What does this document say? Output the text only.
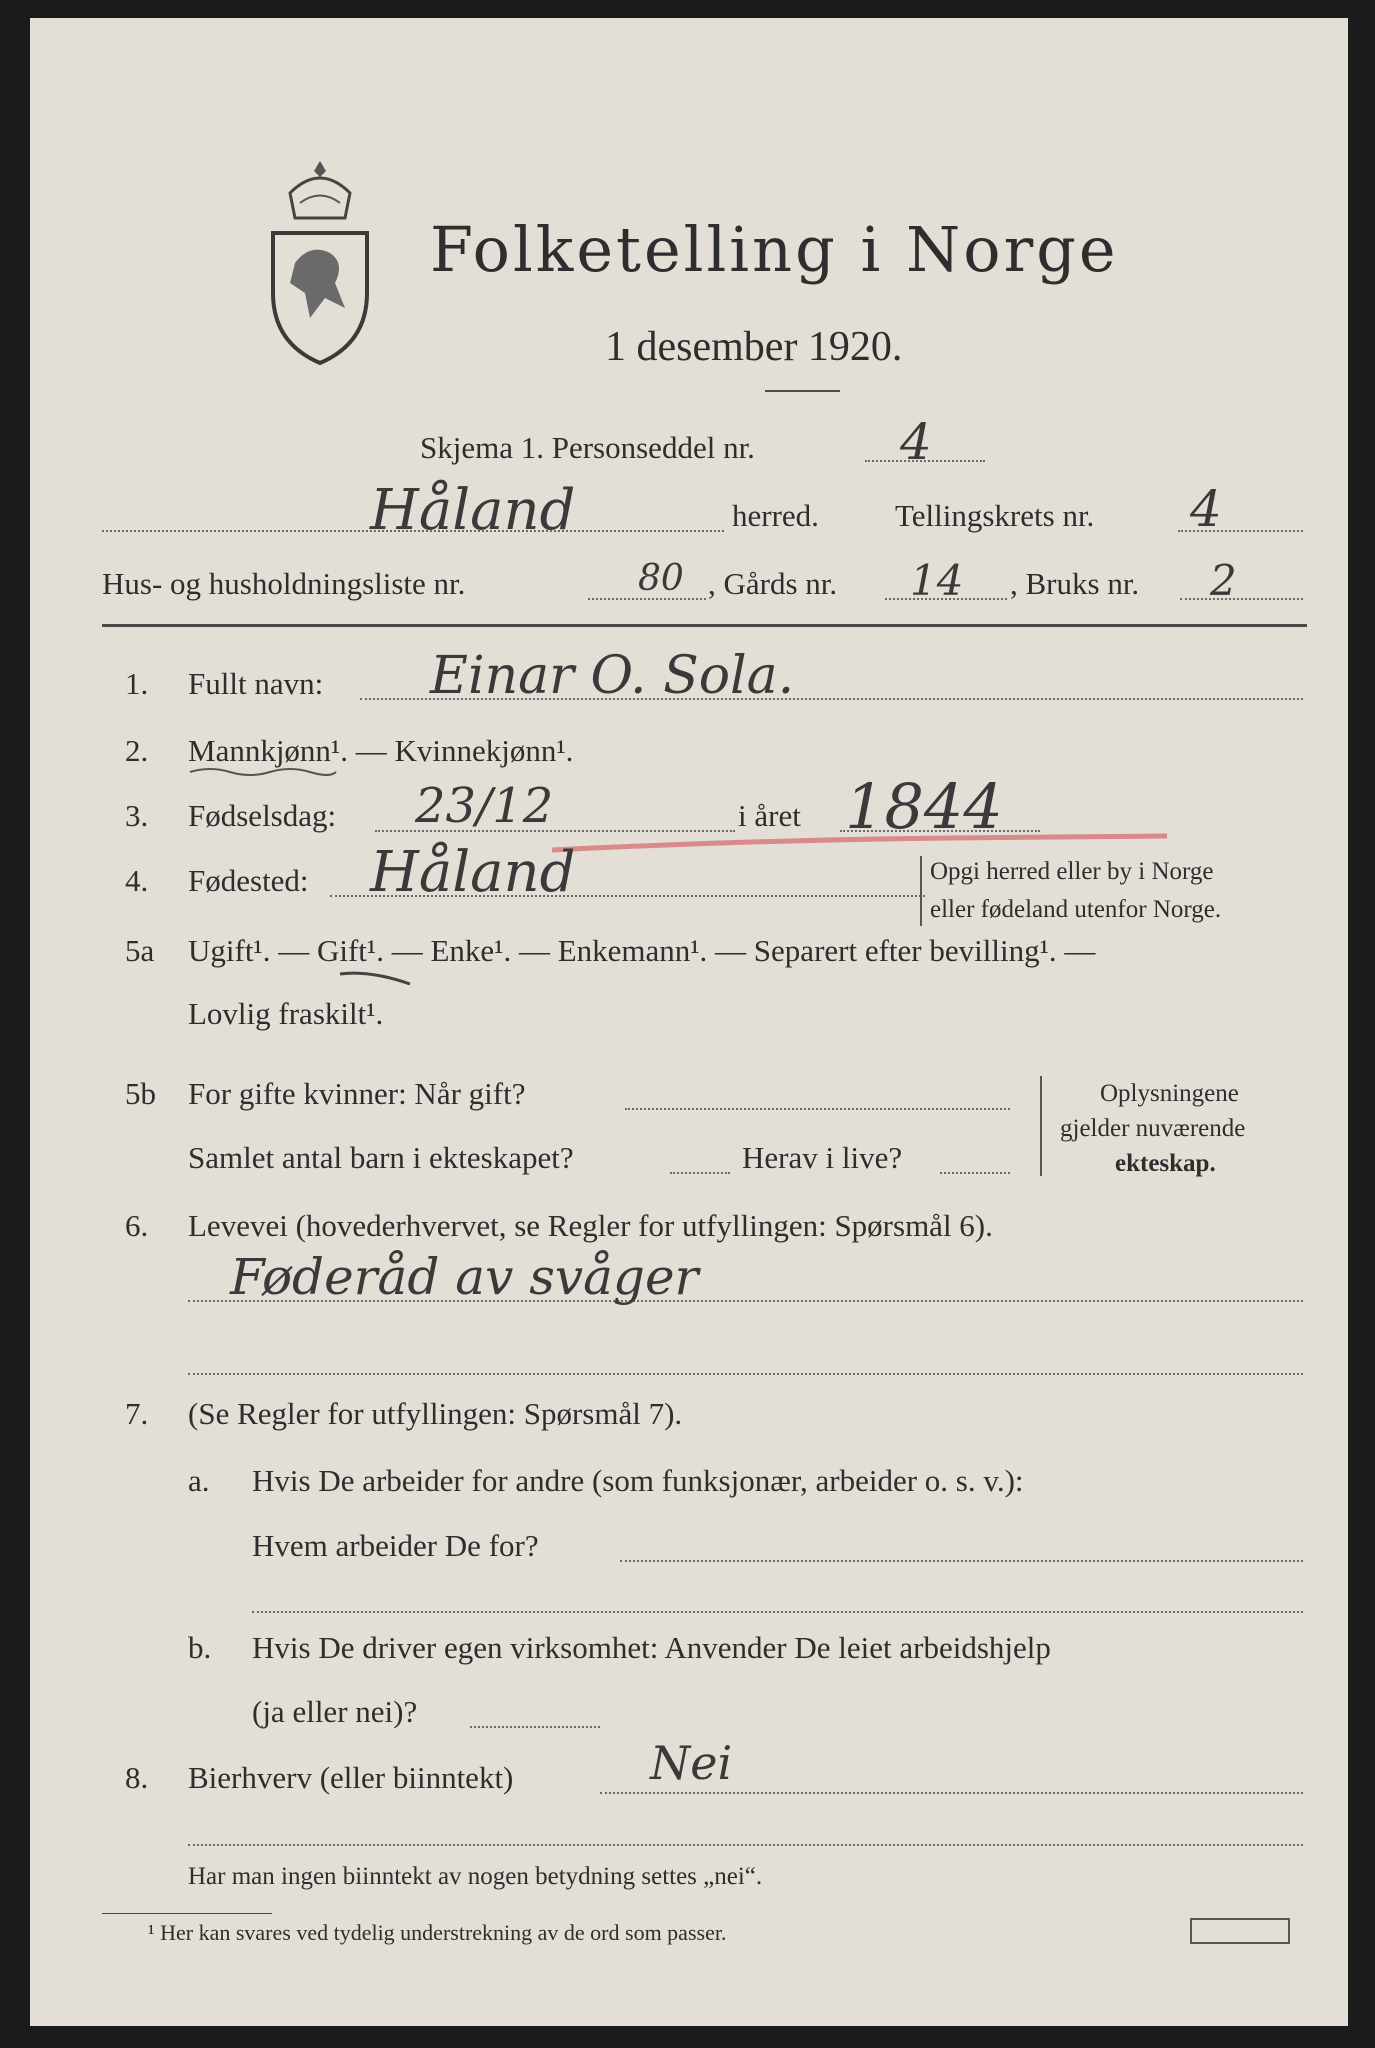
Folketelling i Norge
1 desember 1920.
Skjema 1. Personseddel nr.	4
Håland	herred. Tellingskrets nr. 4
Hus- og husholdningsliste nr.	80 , Gårds nr. 14 , Bruks nr. 2
1. Fullt navn: Einar O. Sola.
2. Mannkjønn¹. — Kvinnekjønn¹.
3. Fødselsdag: 23/12	i året 1844
4. Fødested: Håland	Opgi herred eller by i Norge
eller fødeland utenfor Norge.
5a Ugift¹. — Gift¹. — Enke¹. — Enkemann¹. — Separert efter bevilling¹. —
Lovlig fraskilt¹.
5b For gifte kvinner: Når gift?
Samlet antal barn i ekteskapet?	Herav i live?
Oplysningene
gjelder nuværende
ekteskap.
6. Levevei (hovederhvervet, se Regler for utfyllingen: Spørsmål 6).
Føderåd av svåger
7. (Se Regler for utfyllingen: Spørsmål 7).
a. Hvis De arbeider for andre (som funksjonær, arbeider o. s. v.):
Hvem arbeider De for?
b. Hvis De driver egen virksomhet: Anvender De leiet arbeidshjelp
(ja eller nei)?
8. Bierhverv (eller biinntekt)	Nei
Har man ingen biinntekt av nogen betydning settes „nei“.
¹ Her kan svares ved tydelig understrekning av de ord som passer.
